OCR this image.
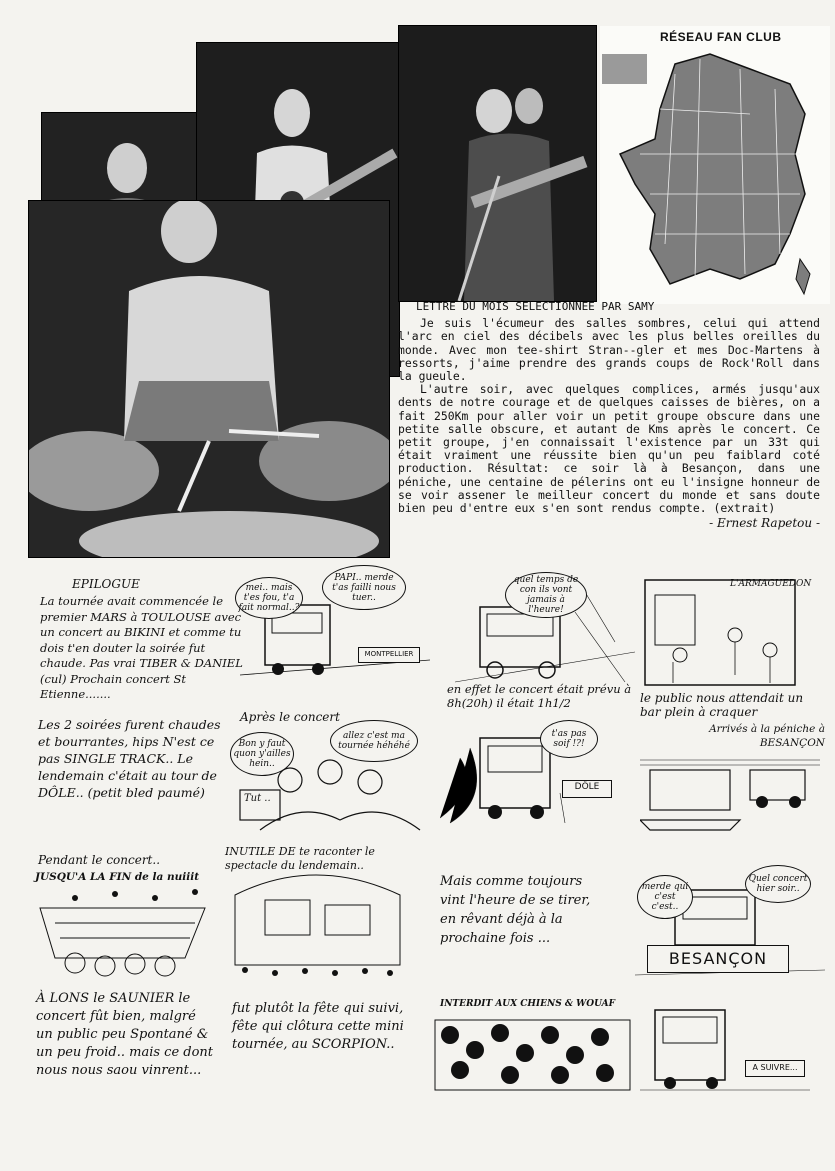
RÉSEAU FAN CLUB
LETTRE DU MOIS SELECTIONNEE PAR SAMY

Je suis l'écumeur des salles sombres, celui qui attend l'arc en ciel des décibels avec les plus belles oreilles du monde. Avec mon tee-shirt Stran--gler et mes Doc-Martens à ressorts, j'aime prendre des grands coups de Rock'Roll dans la gueule.

L'autre soir, avec quelques complices, armés jusqu'aux dents de notre courage et de quelques caisses de bières, on a fait 250Km pour aller voir un petit groupe obscure dans une petite salle obscure, et autant de Kms après le concert. Ce petit groupe, j'en connaissait l'existence par un 33t qui était vraiment une réussite bien qu'un peu faiblard coté production. Résultat: ce soir là à Besançon, dans une péniche, une centaine de pélerins ont eu l'insigne honneur de se voir assener le meilleur concert du monde et sans doute bien peu d'entre eux s'en sont rendus compte. (extrait)

- Ernest Rapetou -
EPILOGUE
La tournée avait commencée le premier MARS à TOULOUSE avec un concert au BIKINI et comme tu dois t'en douter la soirée fut chaude. Pas vrai TIBER & DANIEL (cul) Prochain concert St Etienne.......
Les 2 soirées furent chaudes et bourrantes, hips N'est ce pas SINGLE TRACK.. Le lendemain c'était au tour de DÔLE.. (petit bled paumé)
Pendant le concert..
À LONS le SAUNIER le concert fût bien, malgré un public peu Spontané & un peu froid.. mais ce dont nous nous saou vinrent...
Mais comme toujours vint l'heure de se tirer, en rêvant déjà à la prochaine fois ...
fut plutôt la fête qui suivi, fête qui clôtura cette mini tournée, au SCORPION..
mei.. mais t'es fou, t'a fait normal..?
PAPI.. merde t'as failli nous tuer..
MONTPELLIER
quel temps de con ils vont jamais à l'heure!
en effet le concert était prévu à 8h(20h) il était 1h1/2
L'ARMAGUEDON
le public nous attendait un bar plein à craquer
Après le concert
Bon y faut quon y'ailles hein..
allez c'est ma tournée héhéhé
Tut ..
t'as pas soif !?!
DÔLE
Arrivés à la péniche à BESANÇON
JUSQU'A LA FIN de la nuiiit
INUTILE DE te raconter le spectacle du lendemain..
merde qui c'est c'est..
Quel concert hier soir..
BESANÇON
INTERDIT AUX CHIENS & WOUAF
A SUIVRE...
